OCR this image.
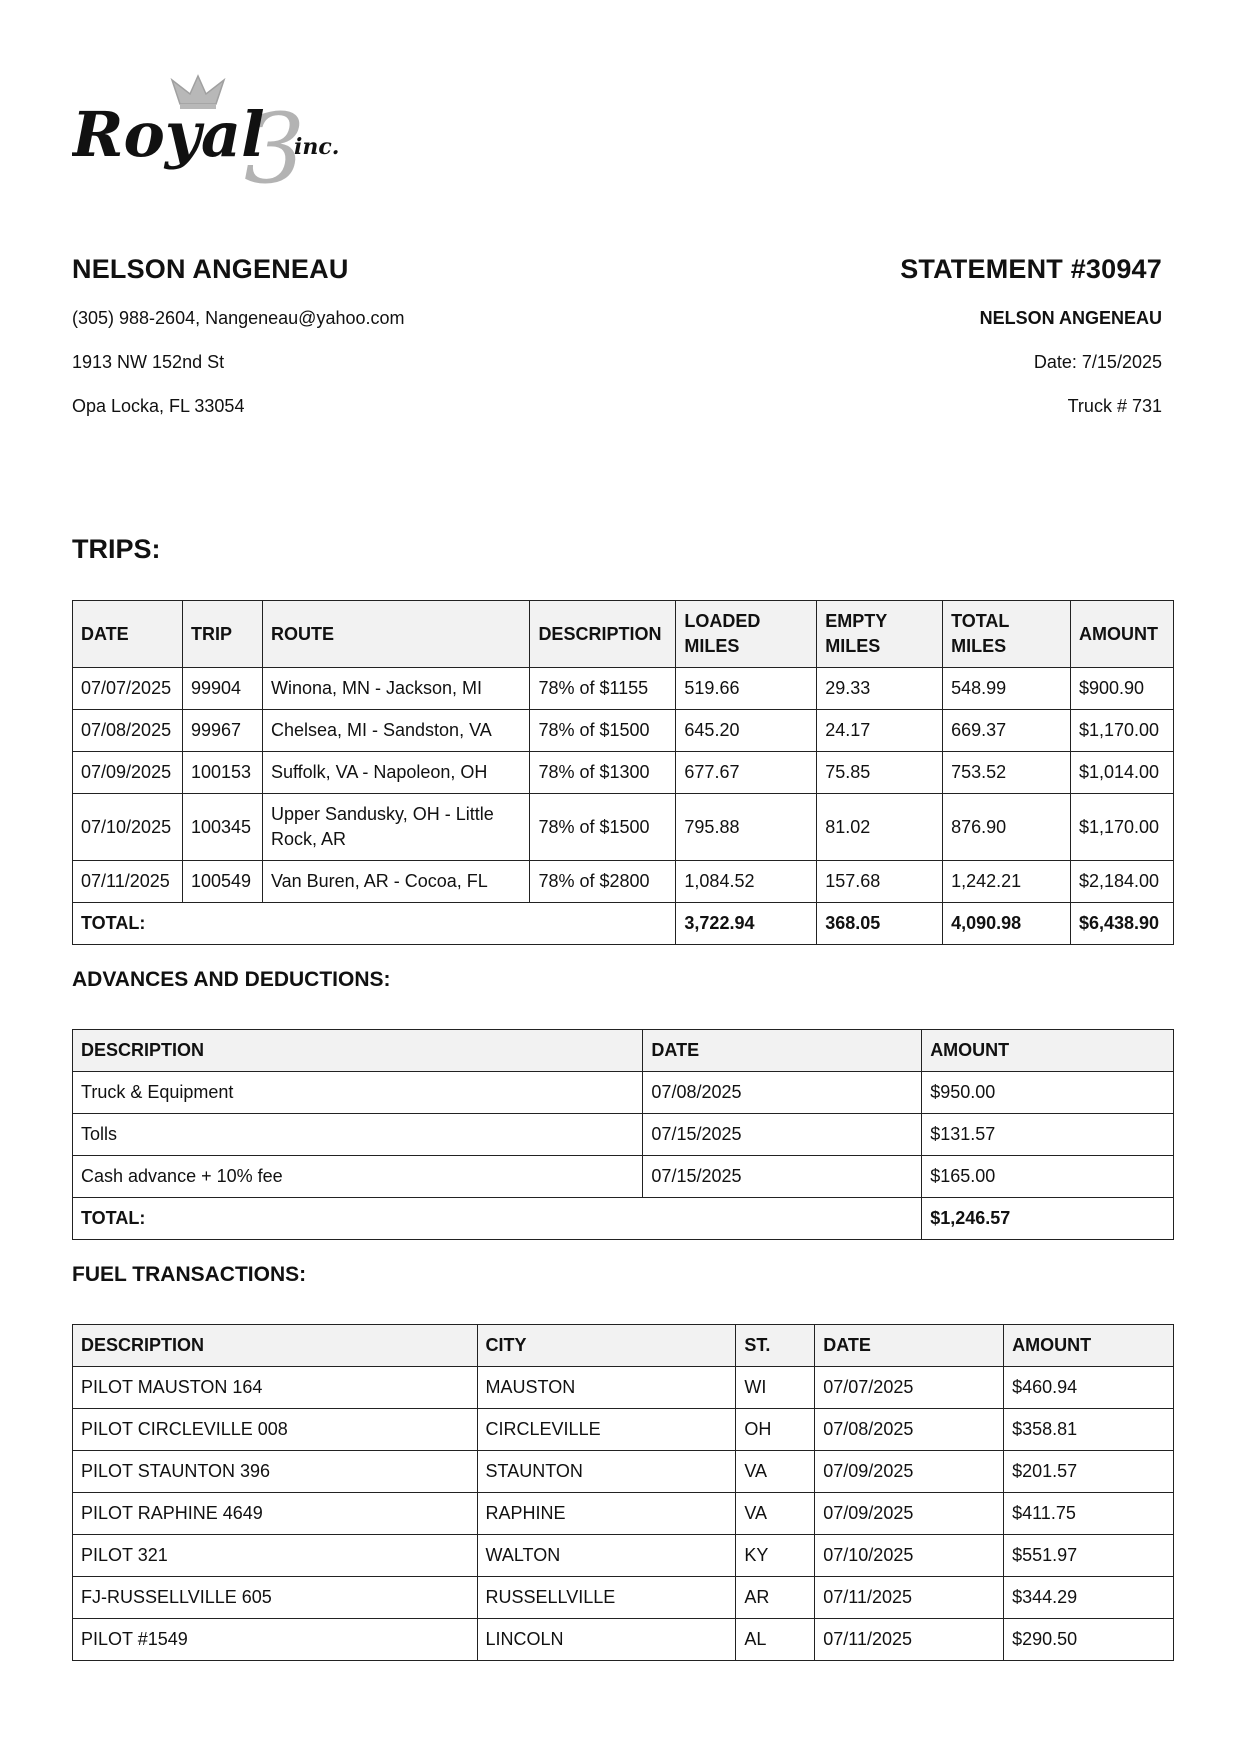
3
Royal inc.
NELSON ANGENEAU
(305) 988-2604, Nangeneau@yahoo.com
1913 NW 152nd St
Opa Locka, FL 33054
STATEMENT #30947
NELSON ANGENEAU
Date: 7/15/2025
Truck # 731
TRIPS:
DATE	TRIP	ROUTE	DESCRIPTION	LOADED MILES	EMPTY MILES	TOTAL MILES	AMOUNT
07/07/2025	99904	Winona, MN - Jackson, MI	78% of $1155	519.66	29.33	548.99	$900.90
07/08/2025	99967	Chelsea, MI - Sandston, VA	78% of $1500	645.20	24.17	669.37	$1,170.00
07/09/2025	100153	Suffolk, VA - Napoleon, OH	78% of $1300	677.67	75.85	753.52	$1,014.00
07/10/2025	100345	Upper Sandusky, OH - Little Rock, AR	78% of $1500	795.88	81.02	876.90	$1,170.00
07/11/2025	100549	Van Buren, AR - Cocoa, FL	78% of $2800	1,084.52	157.68	1,242.21	$2,184.00
TOTAL:				3,722.94	368.05	4,090.98	$6,438.90
ADVANCES AND DEDUCTIONS:
DESCRIPTION	DATE	AMOUNT
Truck & Equipment	07/08/2025	$950.00
Tolls	07/15/2025	$131.57
Cash advance + 10% fee	07/15/2025	$165.00
TOTAL:		$1,246.57
FUEL TRANSACTIONS:
DESCRIPTION	CITY	ST.	DATE	AMOUNT
PILOT MAUSTON 164	MAUSTON	WI	07/07/2025	$460.94
PILOT CIRCLEVILLE 008	CIRCLEVILLE	OH	07/08/2025	$358.81
PILOT STAUNTON 396	STAUNTON	VA	07/09/2025	$201.57
PILOT RAPHINE 4649	RAPHINE	VA	07/09/2025	$411.75
PILOT 321	WALTON	KY	07/10/2025	$551.97
FJ-RUSSELLVILLE 605	RUSSELLVILLE	AR	07/11/2025	$344.29
PILOT #1549	LINCOLN	AL	07/11/2025	$290.50
